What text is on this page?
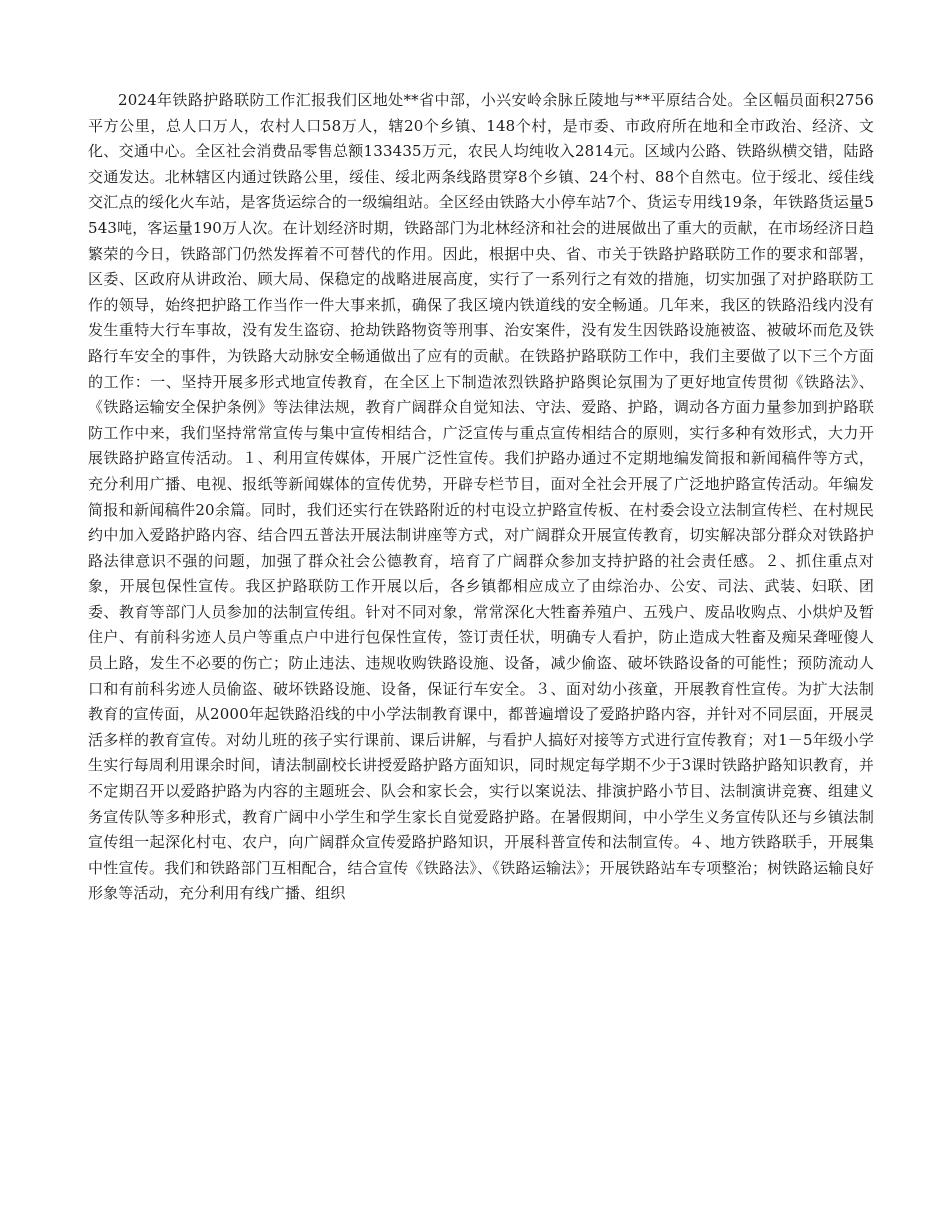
2024年铁路护路联防工作汇报我们区地处**省中部，小兴安岭余脉丘陵地与**平原结合处。全区幅员面积2756平方公里，总人口万人，农村人口58万人，辖20个乡镇、148个村，是市委、市政府所在地和全市政治、经济、文化、交通中心。全区社会消费品零售总额133435万元，农民人均纯收入2814元。区域内公路、铁路纵横交错，陆路交通发达。北林辖区内通过铁路公里，绥佳、绥北两条线路贯穿8个乡镇、24个村、88个自然屯。位于绥北、绥佳线交汇点的绥化火车站，是客货运综合的一级编组站。全区经由铁路大小停车站7个、货运专用线19条，年铁路货运量5543吨，客运量190万人次。在计划经济时期，铁路部门为北林经济和社会的进展做出了重大的贡献，在市场经济日趋繁荣的今日，铁路部门仍然发挥着不可替代的作用。因此，根据中央、省、市关于铁路护路联防工作的要求和部署，区委、区政府从讲政治、顾大局、保稳定的战略进展高度，实行了一系列行之有效的措施，切实加强了对护路联防工作的领导，始终把护路工作当作一件大事来抓，确保了我区境内铁道线的安全畅通。几年来，我区的铁路沿线内没有发生重特大行车事故，没有发生盗窃、抢劫铁路物资等刑事、治安案件，没有发生因铁路设施被盗、被破坏而危及铁路行车安全的事件，为铁路大动脉安全畅通做出了应有的贡献。在铁路护路联防工作中，我们主要做了以下三个方面的工作：一、坚持开展多形式地宣传教育，在全区上下制造浓烈铁路护路舆论氛围为了更好地宣传贯彻《铁路法》、《铁路运输安全保护条例》等法律法规，教育广阔群众自觉知法、守法、爱路、护路，调动各方面力量参加到护路联防工作中来，我们坚持常常宣传与集中宣传相结合，广泛宣传与重点宣传相结合的原则，实行多种有效形式，大力开展铁路护路宣传活动。１、利用宣传媒体，开展广泛性宣传。我们护路办通过不定期地编发简报和新闻稿件等方式，充分利用广播、电视、报纸等新闻媒体的宣传优势，开辟专栏节目，面对全社会开展了广泛地护路宣传活动。年编发简报和新闻稿件20余篇。同时，我们还实行在铁路附近的村屯设立护路宣传板、在村委会设立法制宣传栏、在村规民约中加入爱路护路内容、结合四五普法开展法制讲座等方式，对广阔群众开展宣传教育，切实解决部分群众对铁路护路法律意识不强的问题，加强了群众社会公德教育，培育了广阔群众参加支持护路的社会责任感。２、抓住重点对象，开展包保性宣传。我区护路联防工作开展以后，各乡镇都相应成立了由综治办、公安、司法、武装、妇联、团委、教育等部门人员参加的法制宣传组。针对不同对象，常常深化大牲畜养殖户、五残户、废品收购点、小烘炉及暂住户、有前科劣迹人员户等重点户中进行包保性宣传，签订责任状，明确专人看护，防止造成大牲畜及痴呆聋哑傻人员上路，发生不必要的伤亡；防止违法、违规收购铁路设施、设备，减少偷盗、破坏铁路设备的可能性；预防流动人口和有前科劣迹人员偷盗、破坏铁路设施、设备，保证行车安全。３、面对幼小孩童，开展教育性宣传。为扩大法制教育的宣传面，从2000年起铁路沿线的中小学法制教育课中，都普遍增设了爱路护路内容，并针对不同层面，开展灵活多样的教育宣传。对幼儿班的孩子实行课前、课后讲解，与看护人搞好对接等方式进行宣传教育；对1－5年级小学生实行每周利用课余时间，请法制副校长讲授爱路护路方面知识，同时规定每学期不少于3课时铁路护路知识教育，并不定期召开以爱路护路为内容的主题班会、队会和家长会，实行以案说法、排演护路小节目、法制演讲竞赛、组建义务宣传队等多种形式，教育广阔中小学生和学生家长自觉爱路护路。在暑假期间，中小学生义务宣传队还与乡镇法制宣传组一起深化村屯、农户，向广阔群众宣传爱路护路知识，开展科普宣传和法制宣传。４、地方铁路联手，开展集中性宣传。我们和铁路部门互相配合，结合宣传《铁路法》、《铁路运输法》；开展铁路站车专项整治；树铁路运输良好形象等活动，充分利用有线广播、组织
